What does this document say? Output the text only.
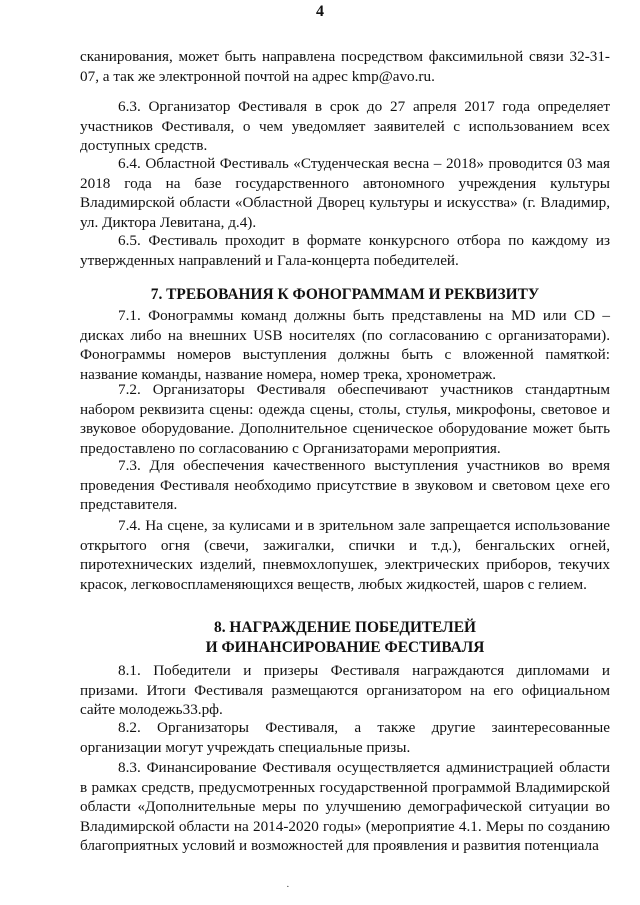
4

сканирования, может быть направлена посредством факсимильной связи 32-31-07, а так же электронной почтой на адрес kmp@avo.ru.

6.3. Организатор Фестиваля в срок до 27 апреля 2017 года определяет участников Фестиваля, о чем уведомляет заявителей с использованием всех доступных средств.

6.4. Областной Фестиваль «Студенческая весна – 2018» проводится 03 мая 2018 года на базе государственного автономного учреждения культуры Владимирской области «Областной Дворец культуры и искусства» (г. Владимир, ул. Диктора Левитана, д.4).

6.5. Фестиваль проходит в формате конкурсного отбора по каждому из утвержденных направлений и Гала-концерта победителей.

7. ТРЕБОВАНИЯ К ФОНОГРАММАМ И РЕКВИЗИТУ

7.1. Фонограммы команд должны быть представлены на MD или CD – дисках либо на внешних USB носителях (по согласованию с организаторами). Фонограммы номеров выступления должны быть с вложенной памяткой: название команды, название номера, номер трека, хронометраж.

7.2. Организаторы Фестиваля обеспечивают участников стандартным набором реквизита сцены: одежда сцены, столы, стулья, микрофоны, световое и звуковое оборудование. Дополнительное сценическое оборудование может быть предоставлено по согласованию с Организаторами мероприятия.

7.3. Для обеспечения качественного выступления участников во время проведения Фестиваля необходимо присутствие в звуковом и световом цехе его представителя.

7.4. На сцене, за кулисами и в зрительном зале запрещается использование открытого огня (свечи, зажигалки, спички и т.д.), бенгальских огней, пиротехнических изделий, пневмохлопушек, электрических приборов, текучих красок, легковоспламеняющихся веществ, любых жидкостей, шаров с гелием.

8. НАГРАЖДЕНИЕ ПОБЕДИТЕЛЕЙ
И ФИНАНСИРОВАНИЕ ФЕСТИВАЛЯ

8.1. Победители и призеры Фестиваля награждаются дипломами и призами. Итоги Фестиваля размещаются организатором на его официальном сайте молодежь33.рф.

8.2. Организаторы Фестиваля, а также другие заинтересованные организации могут учреждать специальные призы.

8.3. Финансирование Фестиваля осуществляется администрацией области в рамках средств, предусмотренных государственной программой Владимирской области «Дополнительные меры по улучшению демографической ситуации во Владимирской области на 2014-2020 годы» (мероприятие 4.1. Меры по созданию благоприятных условий и возможностей для проявления и развития потенциала

·
